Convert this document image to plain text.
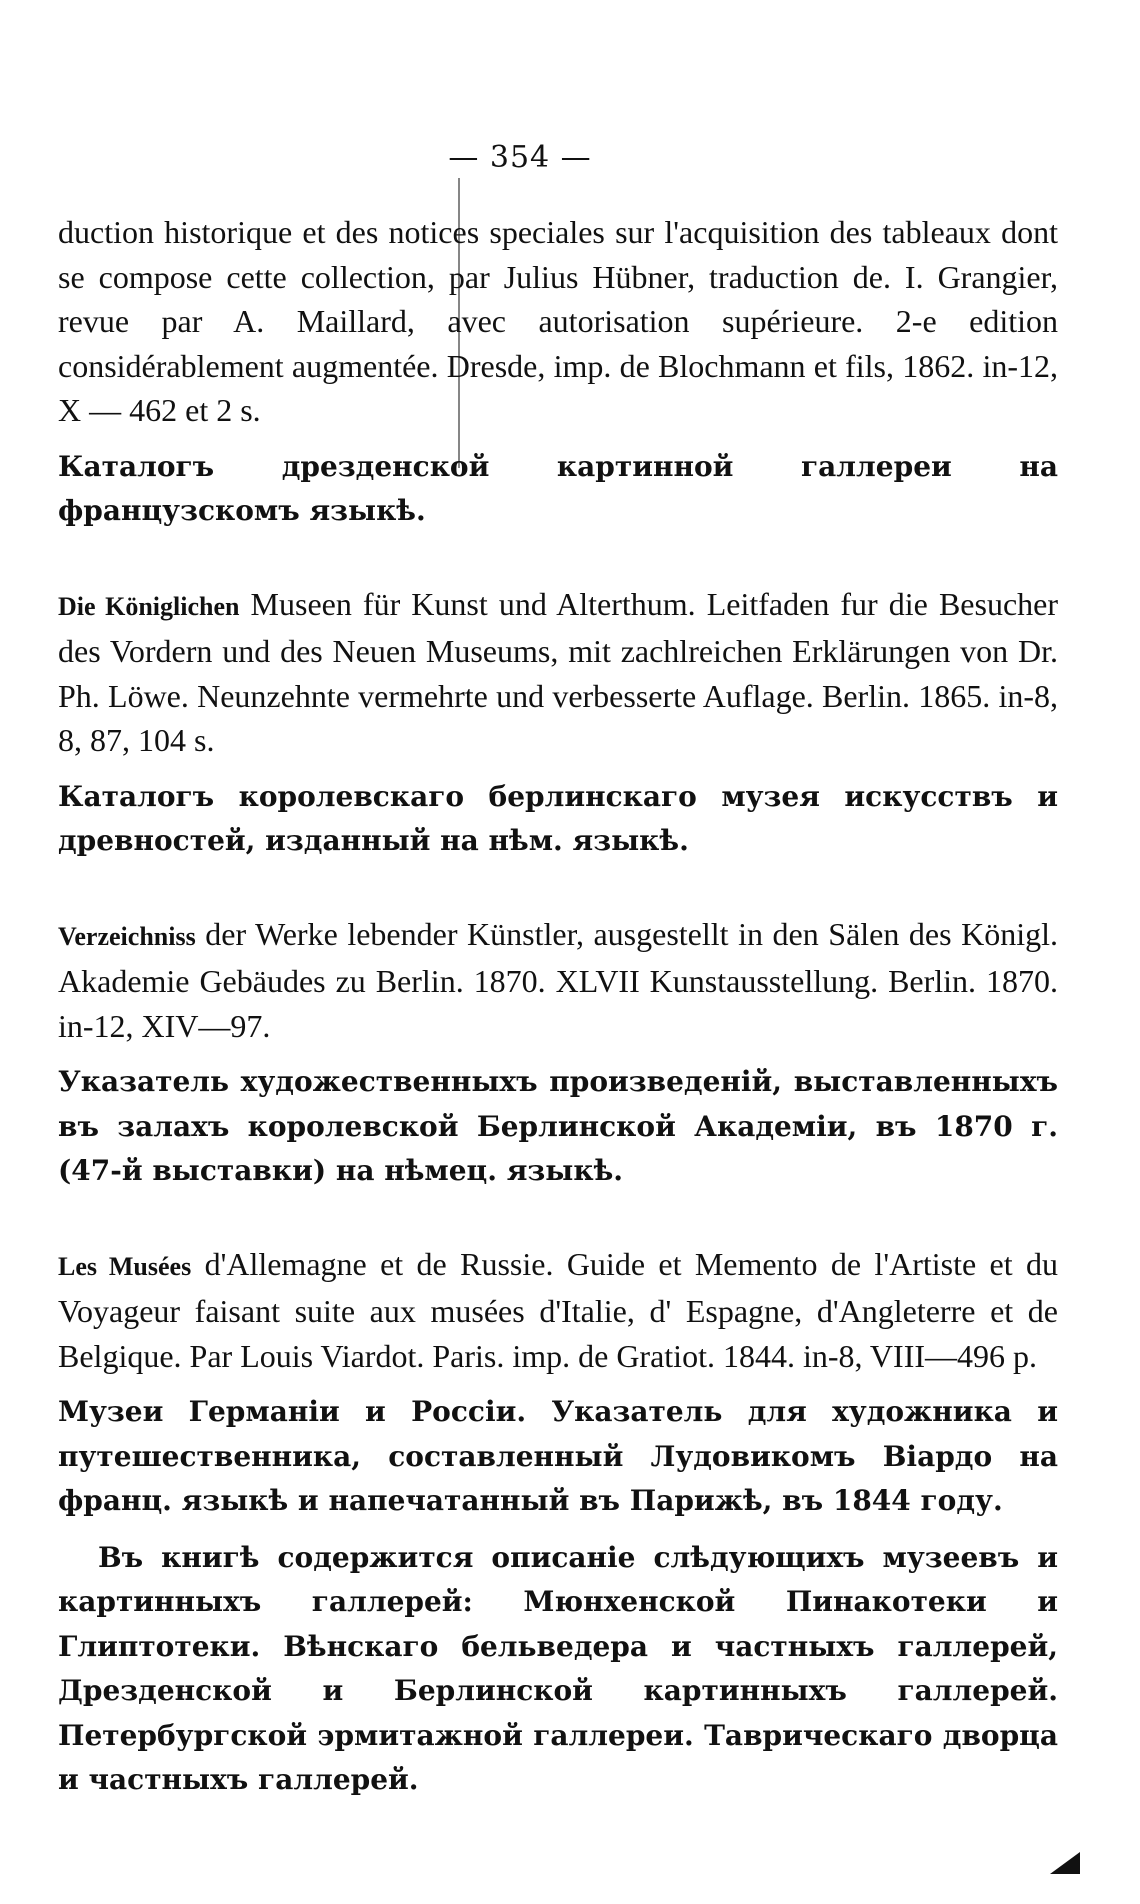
— 354 —

duction historique et des notices speciales sur l'acquisition des tableaux dont se compose cette collection, par Julius Hübner, traduction de. I. Grangier, revue par A. Maillard, avec autorisation supérieure. 2-e edition considérablement augmentée. Dresde, imp. de Blochmann et fils, 1862. in-12, X — 462 et 2 s.

Каталогъ дрезденской картинной галлереи на французскомъ языкѣ.

Die Königlichen Museen für Kunst und Alterthum. Leitfaden fur die Besucher des Vordern und des Neuen Museums, mit zachlreichen Erklärungen von Dr. Ph. Löwe. Neunzehnte vermehrte und verbesserte Auflage. Berlin. 1865. in-8, 8, 87, 104 s.

Каталогъ королевскаго берлинскаго музея искусствъ и древностей, изданный на нѣм. языкѣ.

Verzeichniss der Werke lebender Künstler, ausgestellt in den Sälen des Königl. Akademie Gebäudes zu Berlin. 1870. XLVII Kunstausstellung. Berlin. 1870. in-12, XIV—97.

Указатель художественныхъ произведеній, выставленныхъ въ залахъ королевской Берлинской Академіи, въ 1870 г. (47-й выставки) на нѣмец. языкѣ.

Les Musées d'Allemagne et de Russie. Guide et Memento de l'Artiste et du Voyageur faisant suite aux musées d'Italie, d' Espagne, d'Angleterre et de Belgique. Par Louis Viardot. Paris. imp. de Gratiot. 1844. in-8, VIII—496 p.

Музеи Германіи и Россіи. Указатель для художника и путешественника, составленный Лудовикомъ Віардо на франц. языкѣ и напечатанный въ Парижѣ, въ 1844 году.

Въ книгѣ содержится описаніе слѣдующихъ музеевъ и картинныхъ галлерей: Мюнхенской Пинакотеки и Глиптотеки. Вѣнскаго бельведера и частныхъ галлерей, Дрезденской и Берлинской картинныхъ галлерей. Петербургской эрмитажной галлереи. Таврическаго дворца и частныхъ галлерей.
